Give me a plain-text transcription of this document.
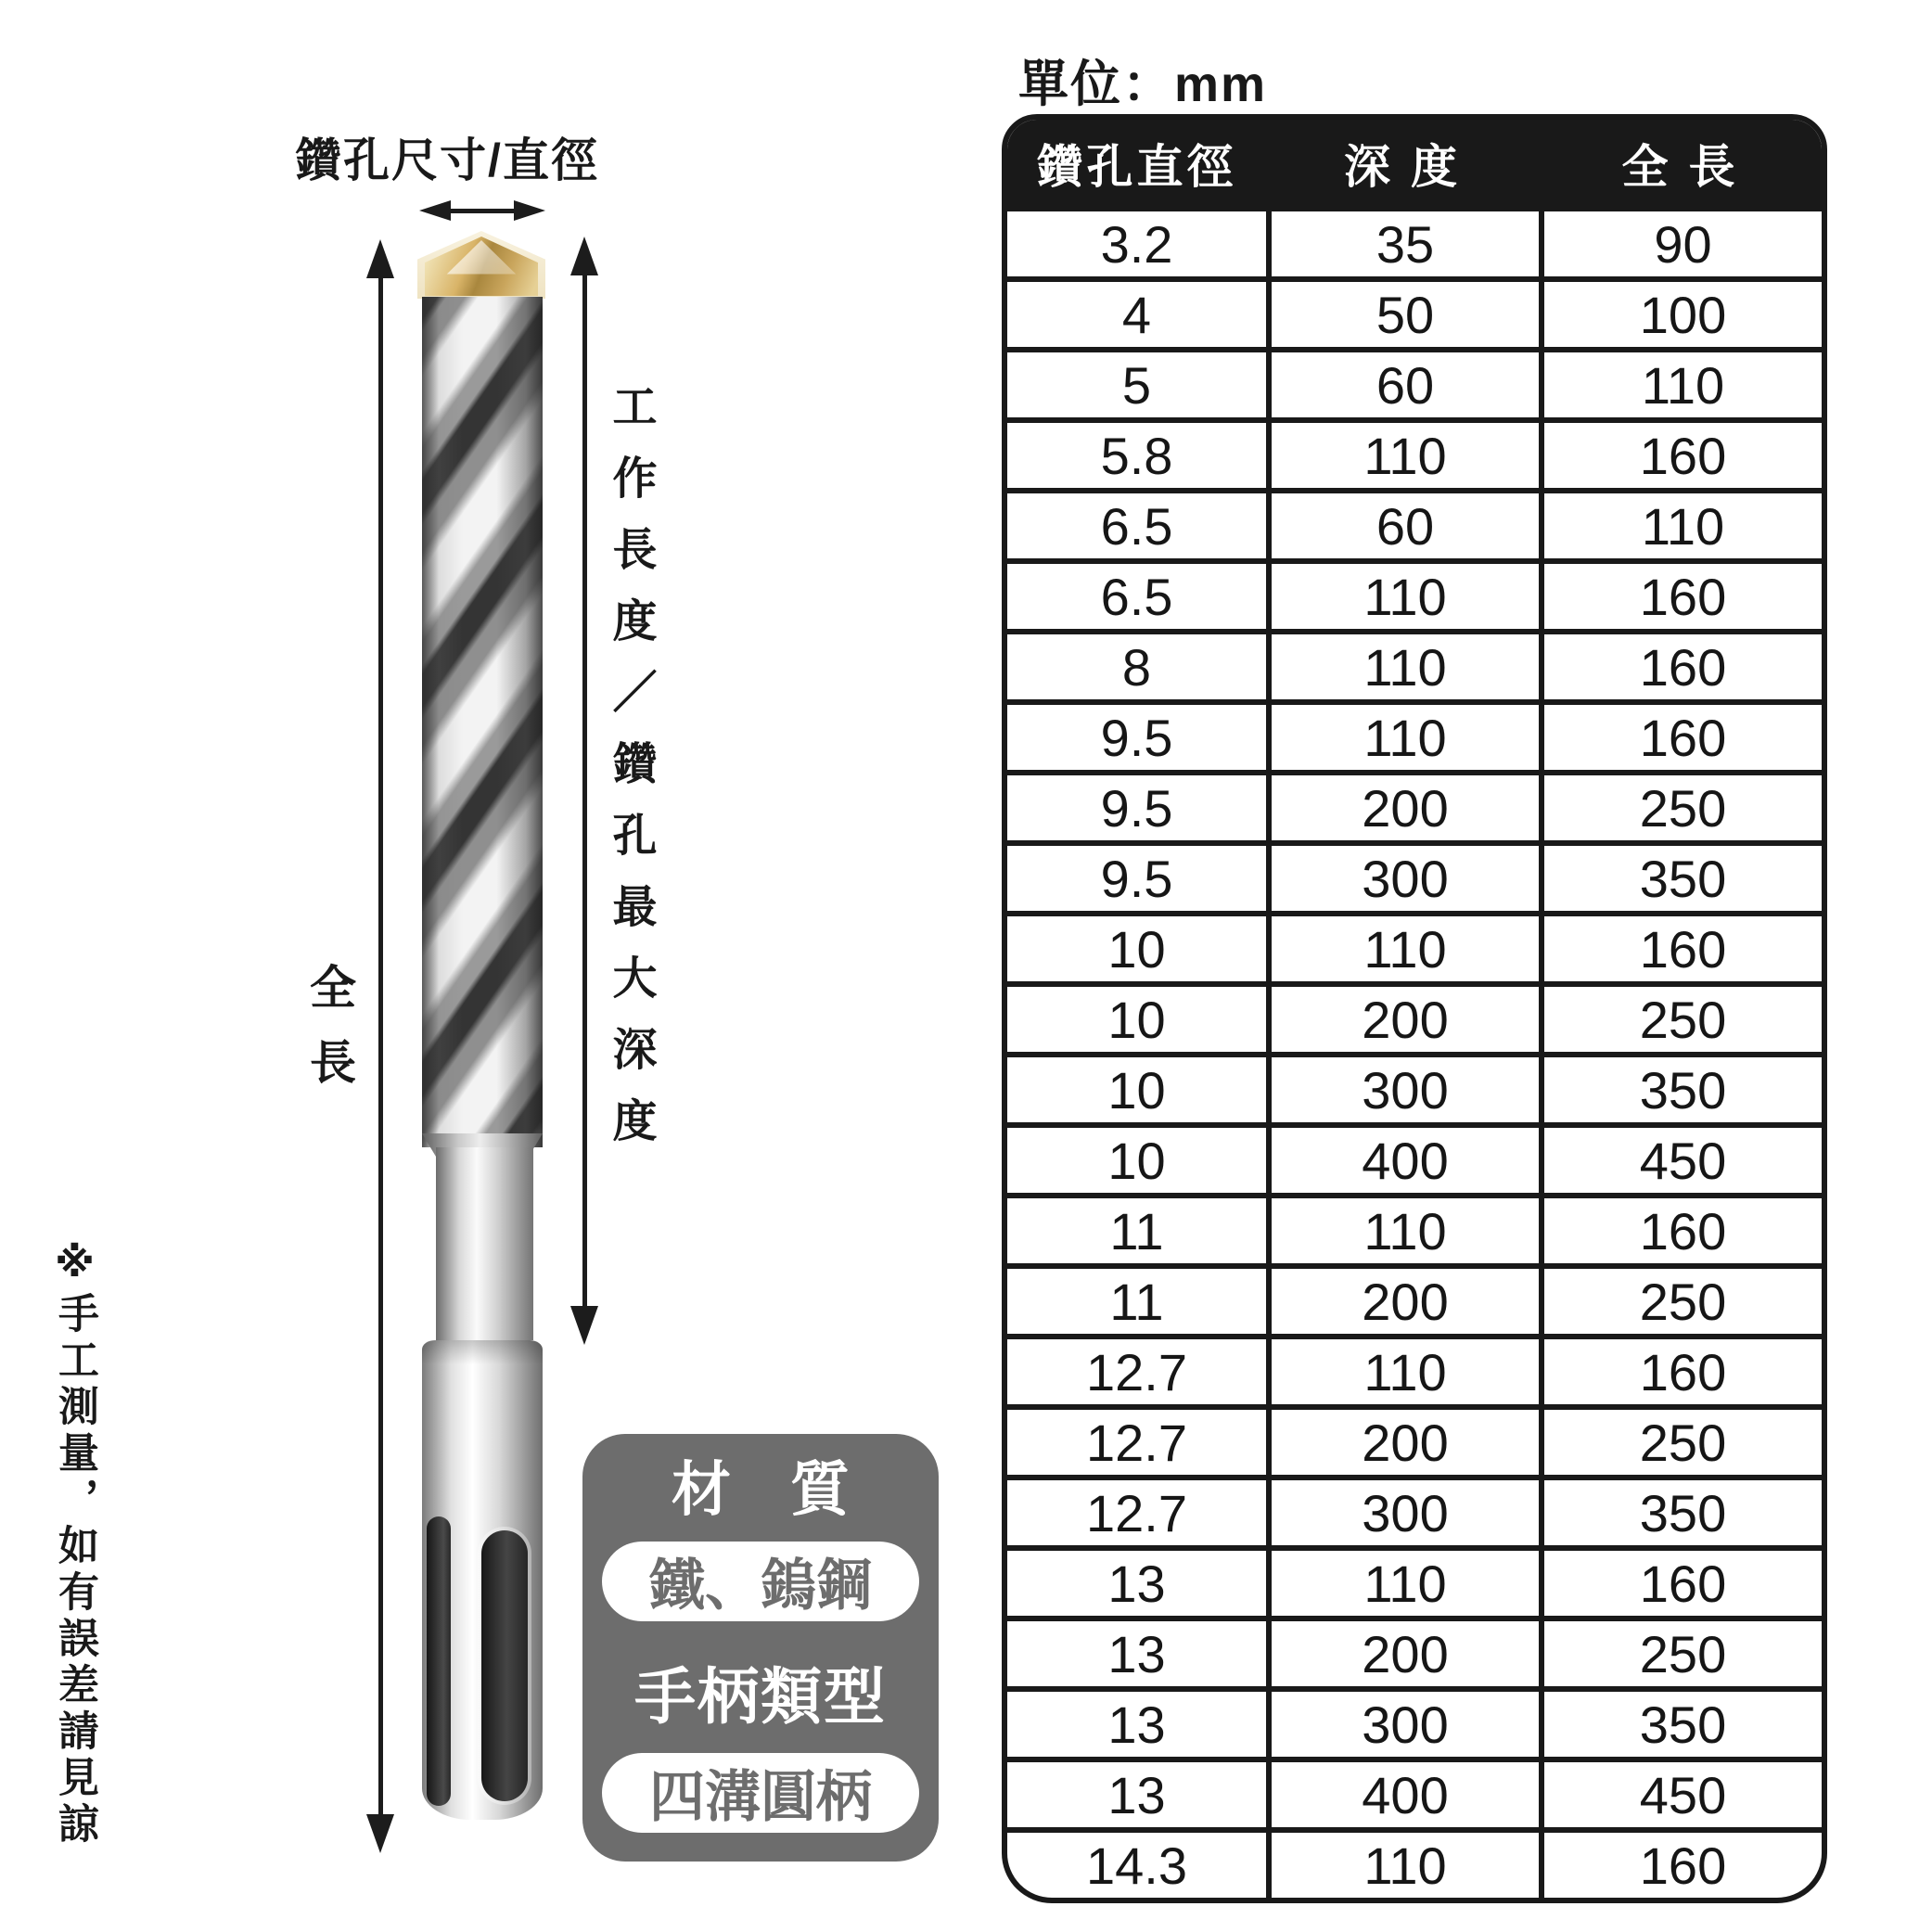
※手工測量，如有誤差請見諒
鑽孔尺寸/直徑
全長	工作長度／鑽孔最大深度
材　質
鐵、鎢鋼
手柄類型
四溝圓柄
單位：mm
鑽孔直徑	深 度	全 長
3.2	35	90
4	50	100
5	60	110
5.8	110	160
6.5	60	110
6.5	110	160
8	110	160
9.5	110	160
9.5	200	250
9.5	300	350
10	110	160
10	200	250
10	300	350
10	400	450
11	110	160
11	200	250
12.7	110	160
12.7	200	250
12.7	300	350
13	110	160
13	200	250
13	300	350
13	400	450
14.3	110	160
